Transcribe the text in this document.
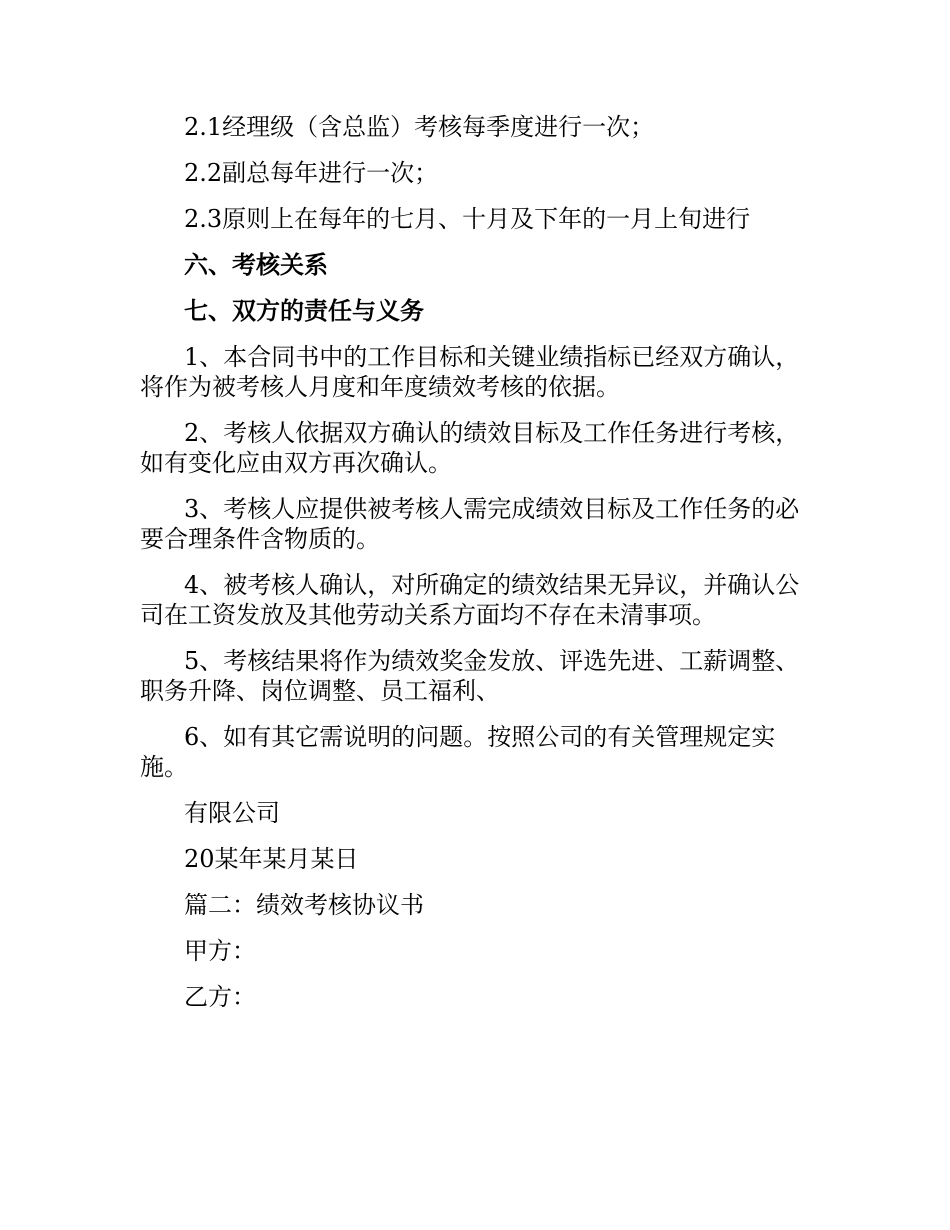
2.1经理级（含总监）考核每季度进行一次；

2.2副总每年进行一次；

2.3原则上在每年的七月、十月及下年的一月上旬进行

六、考核关系

七、双方的责任与义务

1、本合同书中的工作目标和关键业绩指标已经双方确认，将作为被考核人月度和年度绩效考核的依据。

2、考核人依据双方确认的绩效目标及工作任务进行考核，如有变化应由双方再次确认。

3、考核人应提供被考核人需完成绩效目标及工作任务的必要合理条件含物质的。

4、被考核人确认，对所确定的绩效结果无异议，并确认公司在工资发放及其他劳动关系方面均不存在未清事项。

5、考核结果将作为绩效奖金发放、评选先进、工薪调整、职务升降、岗位调整、员工福利、

6、如有其它需说明的问题。按照公司的有关管理规定实施。

有限公司

20某年某月某日

篇二：绩效考核协议书

甲方：

乙方：
